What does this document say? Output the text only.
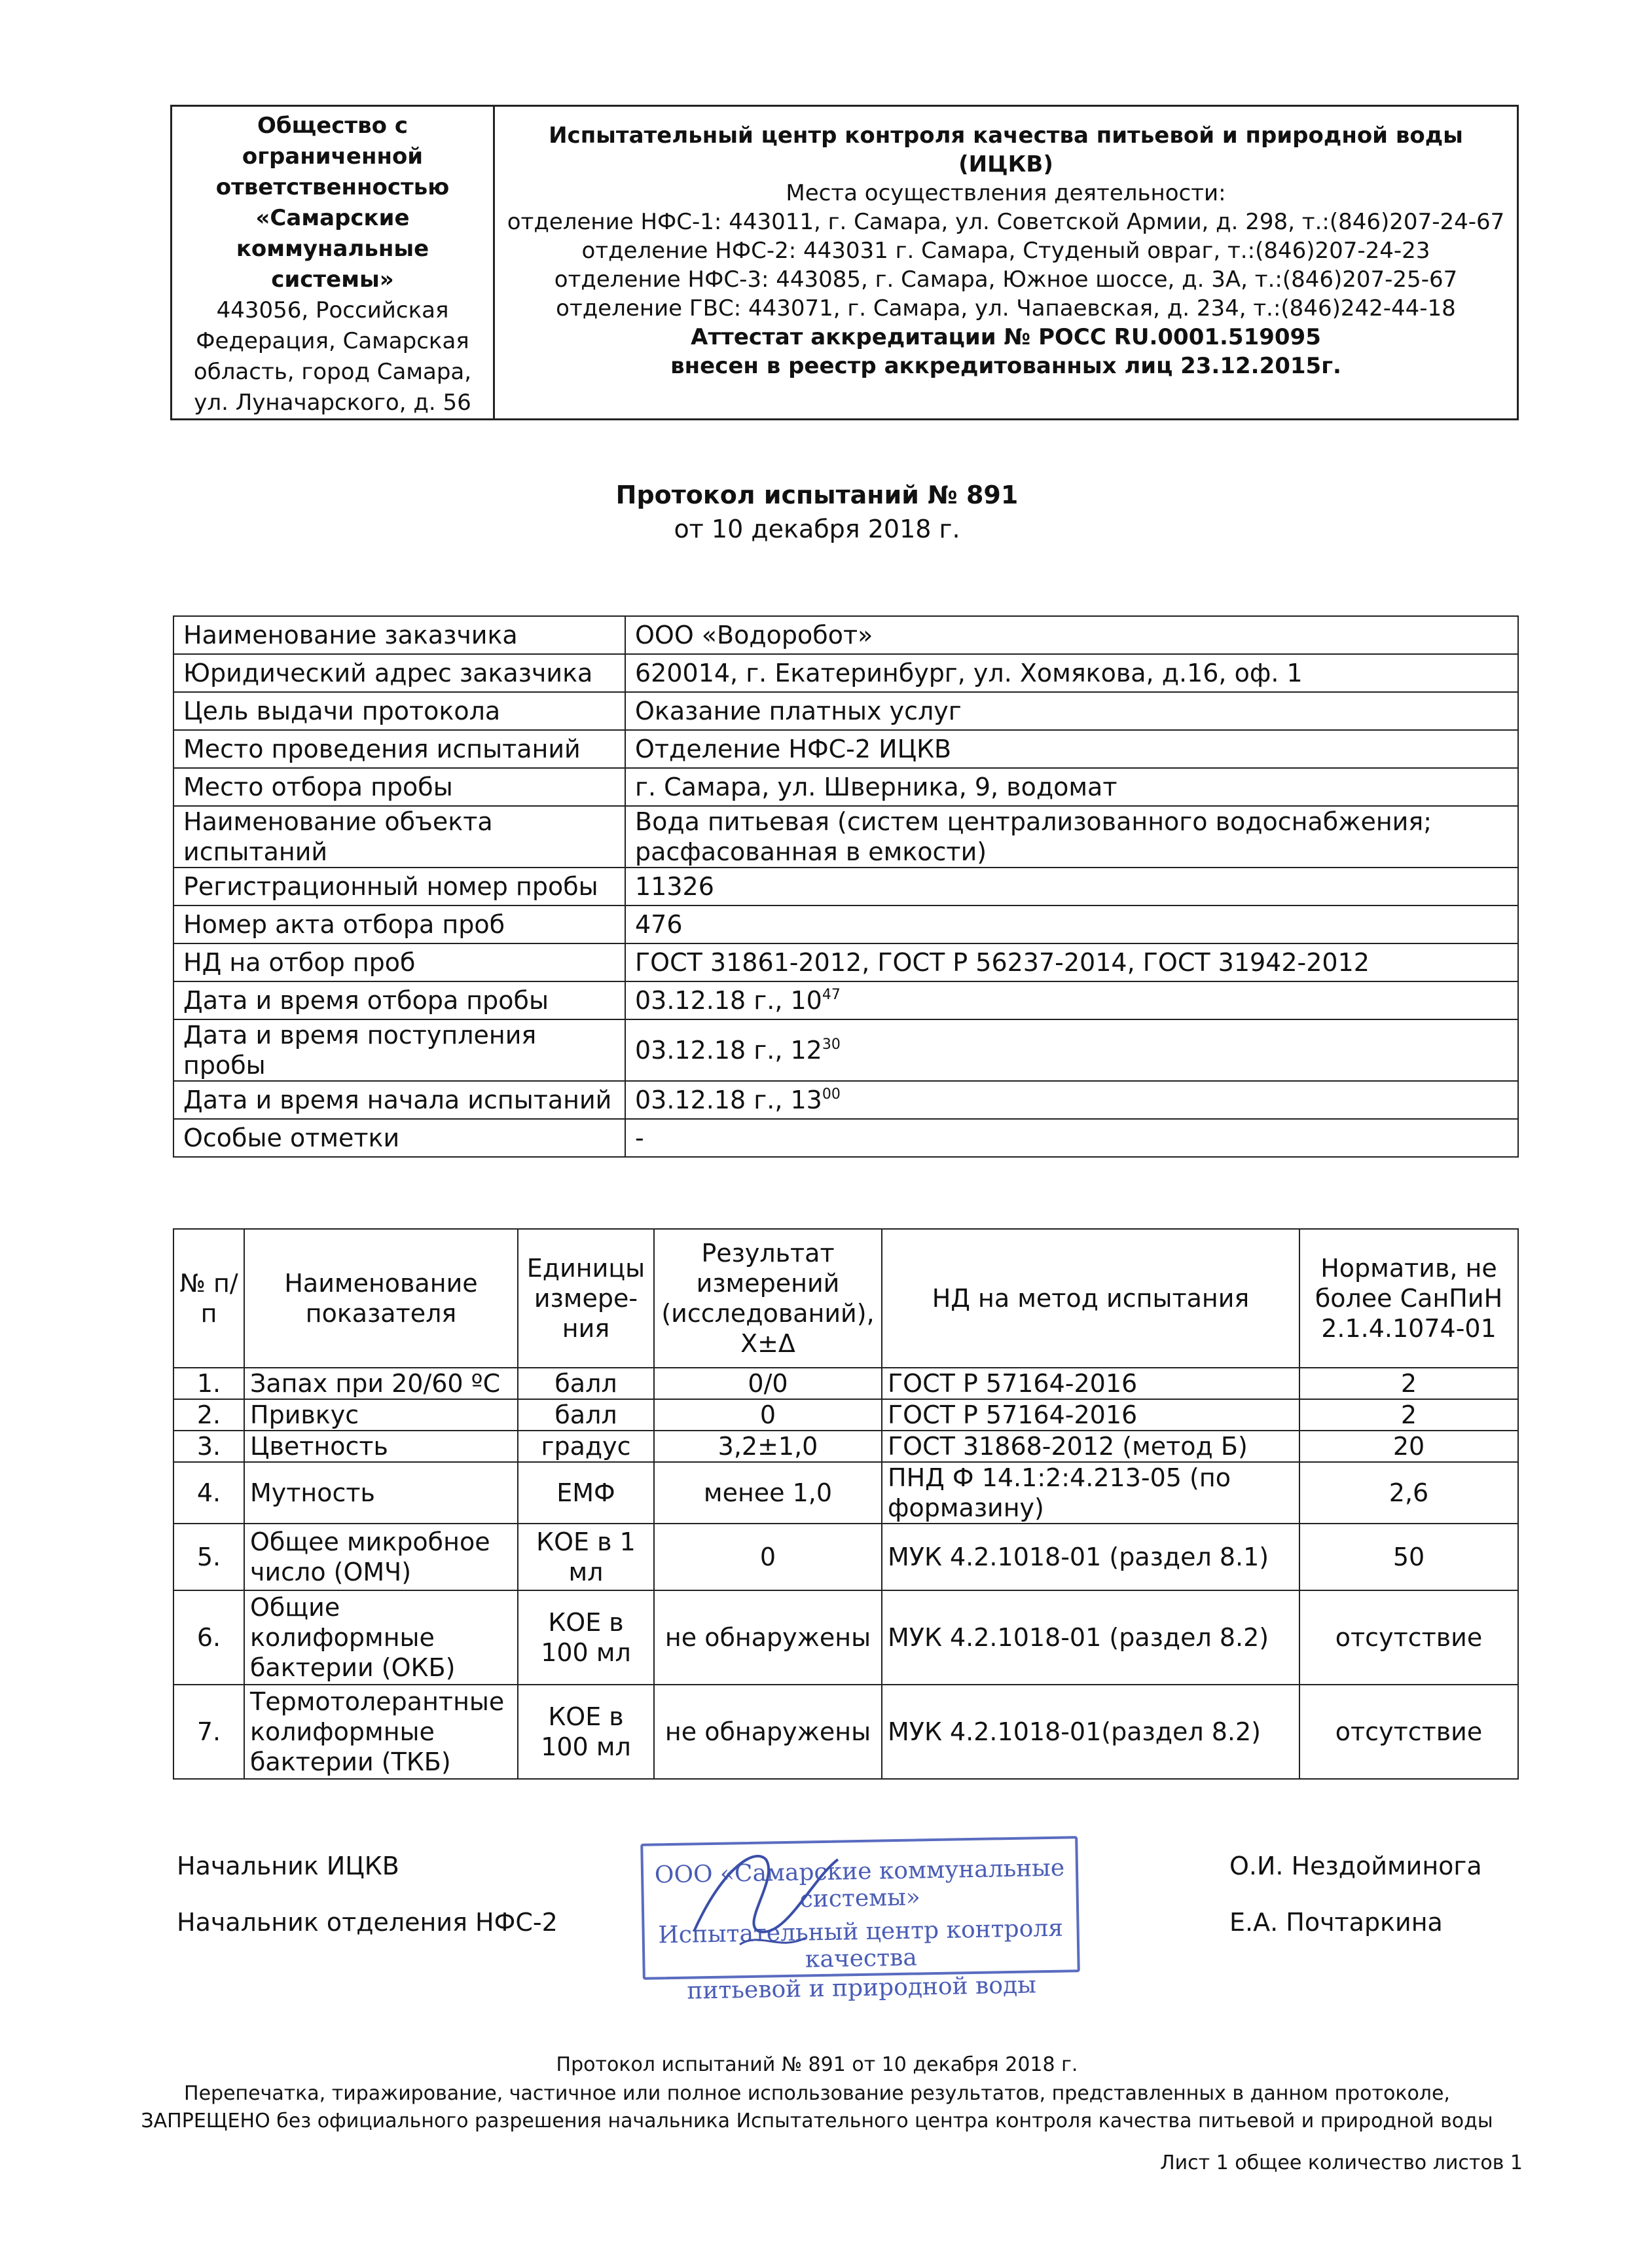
Общество с ограниченной ответственностью «Самарские коммунальные системы»
443056, Российская Федерация, Самарская область, город Самара, ул. Луначарского, д. 56	
Испытательный центр контроля качества питьевой и природной воды (ИЦКВ)
Места осуществления деятельности:
отделение НФС-1: 443011, г. Самара, ул. Советской Армии, д. 298, т.:(846)207-24-67
отделение НФС-2: 443031 г. Самара, Студеный овраг, т.:(846)207-24-23
отделение НФС-3: 443085, г. Самара, Южное шоссе, д. 3А, т.:(846)207-25-67
отделение ГВС: 443071, г. Самара, ул. Чапаевская, д. 234, т.:(846)242-44-18
Аттестат аккредитации № РОСС RU.0001.519095
внесен в реестр аккредитованных лиц 23.12.2015г.
Протокол испытаний № 891
от 10 декабря 2018 г.
Наименование заказчика	ООО «Водоробот»
Юридический адрес заказчика	620014, г. Екатеринбург, ул. Хомякова, д.16, оф. 1
Цель выдачи протокола	Оказание платных услуг
Место проведения испытаний	Отделение НФС-2 ИЦКВ
Место отбора пробы	г. Самара, ул. Шверника, 9, водомат
Наименование объекта испытаний	Вода питьевая (систем централизованного водоснабжения; расфасованная в емкости)
Регистрационный номер пробы	11326
Номер акта отбора проб	476
НД на отбор проб	ГОСТ 31861-2012, ГОСТ Р 56237-2014, ГОСТ 31942-2012
Дата и время отбора пробы	03.12.18 г., $10^{47}$
Дата и время поступления пробы	03.12.18 г., $12^{30}$
Дата и время начала испытаний	03.12.18 г., $13^{00}$
Особые отметки	-
№ п/п	Наименование показателя	Единицы измере-ния	Результат измерений (исследований), Х±Δ	НД на метод испытания	Норматив, не более СанПиН 2.1.4.1074-01
1.	Запах при 20/60 ºС	балл	0/0	ГОСТ Р 57164-2016	2
2.	Привкус	балл	0	ГОСТ Р 57164-2016	2
3.	Цветность	градус	3,2±1,0	ГОСТ 31868-2012 (метод Б)	20
4.	Мутность	ЕМФ	менее 1,0	ПНД Ф 14.1:2:4.213-05 (по формазину)	2,6
5.	Общее микробное число (ОМЧ)	КОЕ в 1 мл	0	МУК 4.2.1018-01 (раздел 8.1)	50
6.	Общие колиформные бактерии (ОКБ)	КОЕ в 100 мл	не обнаружены	МУК 4.2.1018-01 (раздел 8.2)	отсутствие
7.	Термотолерантные колиформные бактерии (ТКБ)	КОЕ в 100 мл	не обнаружены	МУК 4.2.1018-01(раздел 8.2)	отсутствие
Начальник ИЦКВ	О.И. Нездойминога
Начальник отделения НФС-2	Е.А. Почтаркина
ООО «Самарские коммунальные системы»
Испытательный центр контроля качества
питьевой и природной воды
Протокол испытаний № 891 от 10 декабря 2018 г.
Перепечатка, тиражирование, частичное или полное использование результатов, представленных в данном протоколе,
ЗАПРЕЩЕНО без официального разрешения начальника Испытательного центра контроля качества питьевой и природной воды
Лист 1 общее количество листов 1
